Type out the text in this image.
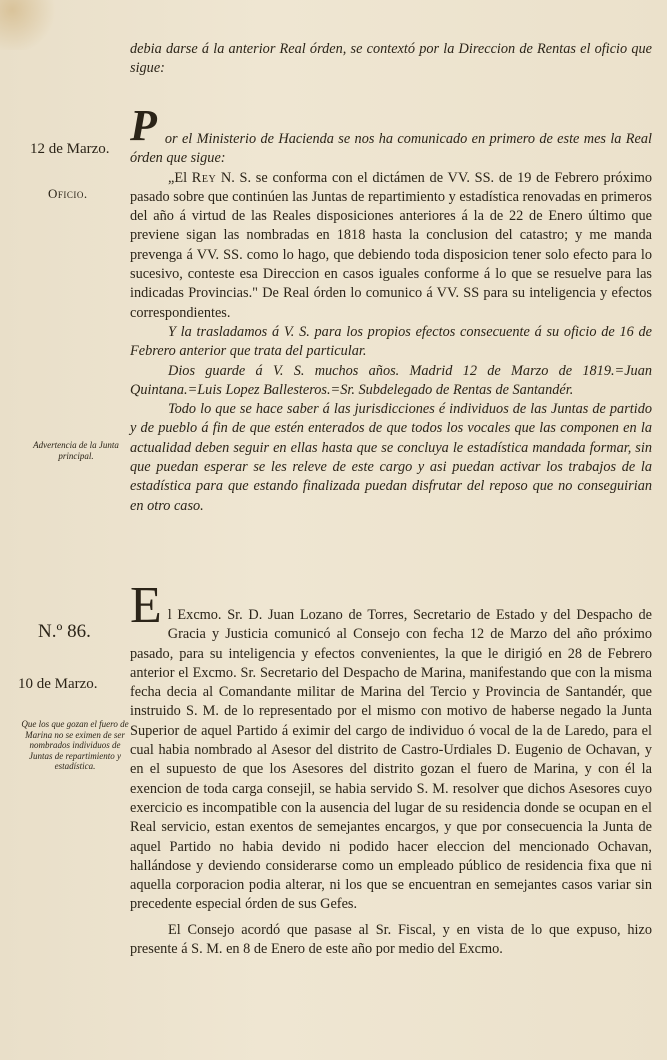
debia darse á la anterior Real órden, se contextó por la Direccion de Rentas el oficio que sigue:

12 de Marzo.
Oficio.
Advertencia de la Junta principal.
N.º 86.
10 de Marzo.
Que los que gozan el fuero de Marina no se eximen de ser nombrados individuos de Juntas de repartimiento y estadística.
P or el Ministerio de Hacienda se nos ha comunicado en primero de este mes la Real órden que sigue:

„El Rey N. S. se conforma con el dictámen de VV. SS. de 19 de Febrero próximo pasado sobre que continúen las Juntas de repartimiento y estadística renovadas en primeros del año á virtud de las Reales disposiciones anteriores á la de 22 de Enero último que previene sigan las nombradas en 1818 hasta la conclusion del catastro; y me manda prevenga á VV. SS. como lo hago, que debiendo toda disposicion tener solo efecto para lo sucesivo, conteste esa Direccion en casos iguales conforme á lo que se resuelve para las indicadas Provincias." De Real órden lo comunico á VV. SS para su inteligencia y efectos correspondientes.

Y la trasladamos á V. S. para los propios efectos consecuente á su oficio de 16 de Febrero anterior que trata del particular.

Dios guarde á V. S. muchos años. Madrid 12 de Marzo de 1819.=Juan Quintana.=Luis Lopez Ballesteros.=Sr. Subdelegado de Rentas de Santandér.

Todo lo que se hace saber á las jurisdicciones é individuos de las Juntas de partido y de pueblo á fin de que estén enterados de que todos los vocales que las componen en la actualidad deben seguir en ellas hasta que se concluya le estadística mandada formar, sin que puedan esperar se les releve de este cargo y asi puedan activar los trabajos de la estadística para que estando finalizada puedan disfrutar del reposo que no conseguirian en otro caso.

E l Excmo. Sr. D. Juan Lozano de Torres, Secretario de Estado y del Despacho de Gracia y Justicia comunicó al Consejo con fecha 12 de Marzo del año próximo pasado, para su inteligencia y efectos convenientes, la que le dirigió en 28 de Febrero anterior el Excmo. Sr. Secretario del Despacho de Marina, manifestando que con la misma fecha decia al Comandante militar de Marina del Tercio y Provincia de Santandér, que instruido S. M. de lo representado por el mismo con motivo de haberse negado la Junta Superior de aquel Partido á eximir del cargo de individuo ó vocal de la de Laredo, para el cual habia nombrado al Asesor del distrito de Castro-Urdiales D. Eugenio de Ochavan, y en el supuesto de que los Asesores del distrito gozan el fuero de Marina, y con él la exencion de toda carga consejil, se habia servido S. M. resolver que dichos Asesores cuyo exercicio es incompatible con la ausencia del lugar de su residencia donde se ocupan en el Real servicio, estan exentos de semejantes encargos, y que por consecuencia la Junta de aquel Partido no habia devido ni podido hacer eleccion del mencionado Ochavan, hallándose y deviendo considerarse como un empleado público de residencia fixa que ni aquella corporacion podia alterar, ni los que se encuentran en semejantes casos variar sin precedente especial órden de sus Gefes.

El Consejo acordó que pasase al Sr. Fiscal, y en vista de lo que expuso, hizo presente á S. M. en 8 de Enero de este año por medio del Excmo.
